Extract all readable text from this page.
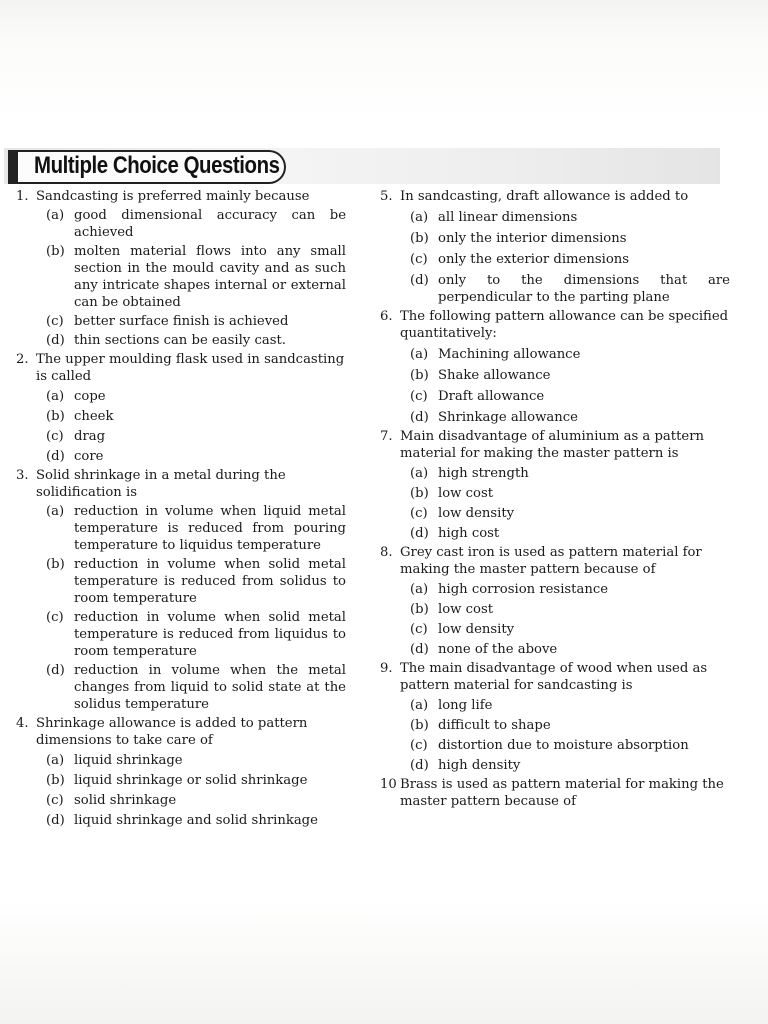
Multiple Choice Questions
1. Sandcasting is preferred mainly because
(a) good dimensional accuracy can be achieved
(b) molten material flows into any small section in the mould cavity and as such any intricate shapes internal or external can be obtained
(c) better surface finish is achieved
(d) thin sections can be easily cast.
2. The upper moulding flask used in sandcasting is called
(a) cope
(b) cheek
(c) drag
(d) core
3. Solid shrinkage in a metal during the solidification is
(a) reduction in volume when liquid metal temperature is reduced from pouring temperature to liquidus temperature
(b) reduction in volume when solid metal temperature is reduced from solidus to room temperature
(c) reduction in volume when solid metal temperature is reduced from liquidus to room temperature
(d) reduction in volume when the metal changes from liquid to solid state at the solidus temperature
4. Shrinkage allowance is added to pattern dimensions to take care of
(a) liquid shrinkage
(b) liquid shrinkage or solid shrinkage
(c) solid shrinkage
(d) liquid shrinkage and solid shrinkage
5. In sandcasting, draft allowance is added to
(a) all linear dimensions
(b) only the interior dimensions
(c) only the exterior dimensions
(d) only to the dimensions that are perpendicular to the parting plane
6. The following pattern allowance can be specified quantitatively:
(a) Machining allowance
(b) Shake allowance
(c) Draft allowance
(d) Shrinkage allowance
7. Main disadvantage of aluminium as a pattern material for making the master pattern is
(a) high strength
(b) low cost
(c) low density
(d) high cost
8. Grey cast iron is used as pattern material for making the master pattern because of
(a) high corrosion resistance
(b) low cost
(c) low density
(d) none of the above
9. The main disadvantage of wood when used as pattern material for sandcasting is
(a) long life
(b) difficult to shape
(c) distortion due to moisture absorption
(d) high density
10 Brass is used as pattern material for making the master pattern because of
